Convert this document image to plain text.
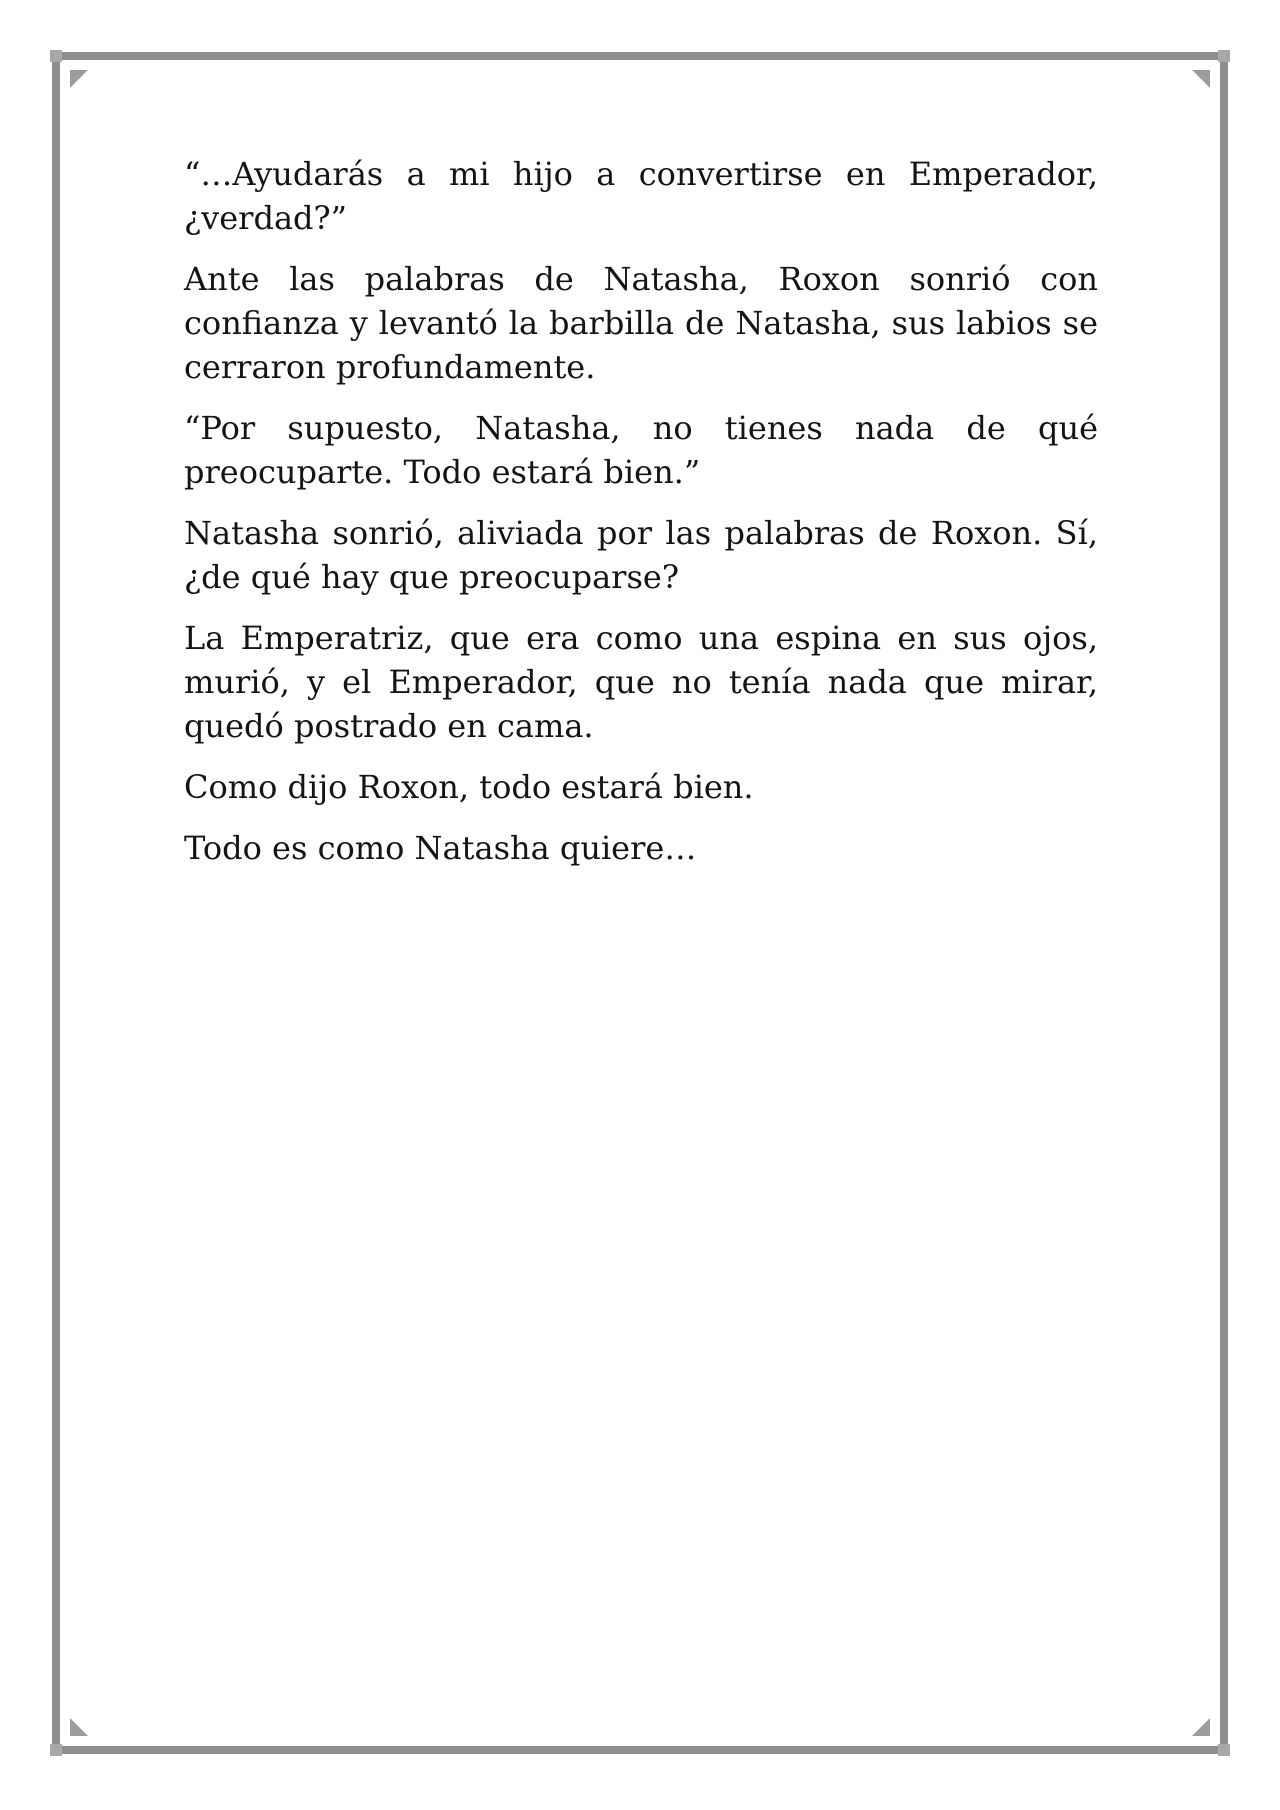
“…Ayudarás a mi hijo a convertirse en Emperador, ¿verdad?”

Ante las palabras de Natasha, Roxon sonrió con confianza y levantó la barbilla de Natasha, sus labios se cerraron profundamente.

“Por supuesto, Natasha, no tienes nada de qué preocuparte. Todo estará bien.”

Natasha sonrió, aliviada por las palabras de Roxon. Sí, ¿de qué hay que preocuparse?

La Emperatriz, que era como una espina en sus ojos, murió, y el Emperador, que no tenía nada que mirar, quedó postrado en cama.

Como dijo Roxon, todo estará bien.

Todo es como Natasha quiere…
